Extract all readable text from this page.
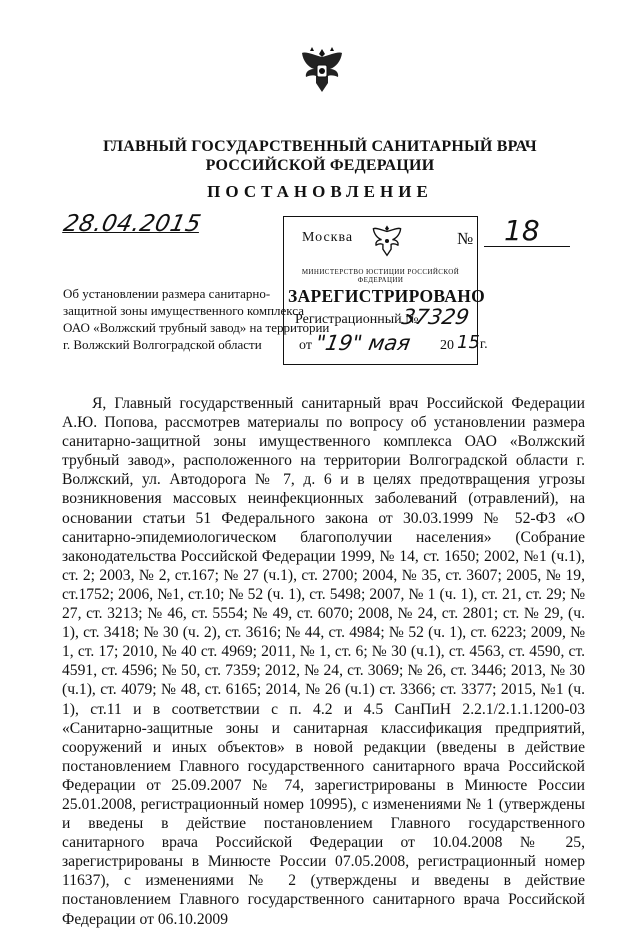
ГЛАВНЫЙ ГОСУДАРСТВЕННЫЙ САНИТАРНЫЙ ВРАЧ
РОССИЙСКОЙ ФЕДЕРАЦИИ
ПОСТАНОВЛЕНИЕ
28.04.2015
№ 18
Москва
МИНИСТЕРСТВО ЮСТИЦИИ РОССИЙСКОЙ ФЕДЕРАЦИИ
ЗАРЕГИСТРИРОВАНО
Регистрационный №
37329
от "19" мая 20 15г.
Об установлении размера санитарно-
защитной зоны имущественного комплекса
ОАО «Волжский трубный завод» на территории
г. Волжский Волгоградской области

Я, Главный государственный санитарный врач Российской Федерации А.Ю. Попова, рассмотрев материалы по вопросу об установлении размера санитарно-защитной зоны имущественного комплекса ОАО «Волжский трубный завод», расположенного на территории Волгоградской области г. Волжский, ул. Автодорога № 7, д. 6 и в целях предотвращения угрозы возникновения массовых неинфекционных заболеваний (отравлений), на основании статьи 51 Федерального закона от 30.03.1999 № 52-ФЗ «О санитарно-эпидемиологическом благополучии населения» (Собрание законодательства Российской Федерации 1999, № 14, ст. 1650; 2002, №1 (ч.1), ст. 2; 2003, № 2, ст.167; № 27 (ч.1), ст. 2700; 2004, № 35, ст. 3607; 2005, № 19, ст.1752; 2006, №1, ст.10; № 52 (ч. 1), ст. 5498; 2007, № 1 (ч. 1), ст. 21, ст. 29; № 27, ст. 3213; № 46, ст. 5554; № 49, ст. 6070; 2008, № 24, ст. 2801; ст. № 29, (ч. 1), ст. 3418; № 30 (ч. 2), ст. 3616; № 44, ст. 4984; № 52 (ч. 1), ст. 6223; 2009, № 1, ст. 17; 2010, № 40 ст. 4969; 2011, № 1, ст. 6; № 30 (ч.1), ст. 4563, ст. 4590, ст. 4591, ст. 4596; № 50, ст. 7359; 2012, № 24, ст. 3069; № 26, ст. 3446; 2013, № 30 (ч.1), ст. 4079; № 48, ст. 6165; 2014, № 26 (ч.1) ст. 3366; ст. 3377; 2015, №1 (ч. 1), ст.11 и в соответствии с п. 4.2 и 4.5 СанПиН 2.2.1/2.1.1.1200-03 «Санитарно-защитные зоны и санитарная классификация предприятий, сооружений и иных объектов» в новой редакции (введены в действие постановлением Главного государственного санитарного врача Российской Федерации от 25.09.2007 № 74, зарегистрированы в Минюсте России 25.01.2008, регистрационный номер 10995), с изменениями № 1 (утверждены и введены в действие постановлением Главного государственного санитарного врача Российской Федерации от 10.04.2008 № 25, зарегистрированы в Минюсте России 07.05.2008, регистрационный номер 11637), с изменениями № 2 (утверждены и введены в действие постановлением Главного государственного санитарного врача Российской Федерации от 06.10.2009
